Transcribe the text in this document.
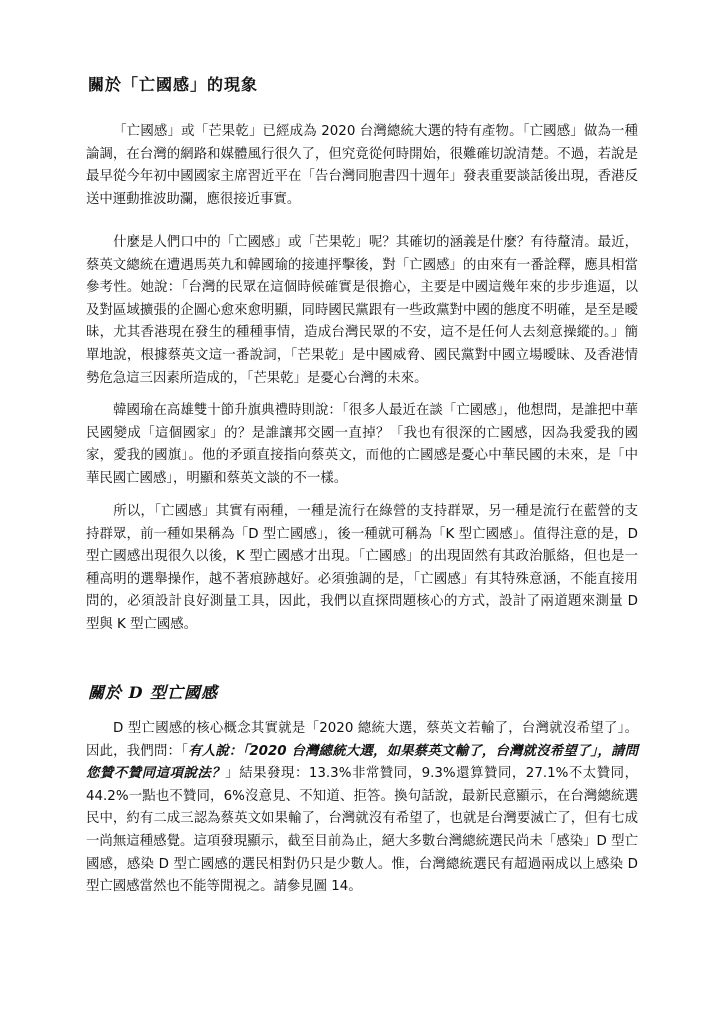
關於「亡國感」的現象

「亡國感」或「芒果乾」已經成為 2020 台灣總統大選的特有產物。「亡國感」做為一種論調，在台灣的網路和媒體風行很久了，但究竟從何時開始，很難確切說清楚。不過，若說是最早從今年初中國國家主席習近平在「告台灣同胞書四十週年」發表重要談話後出現，香港反送中運動推波助瀾，應很接近事實。

什麼是人們口中的「亡國感」或「芒果乾」呢？其確切的涵義是什麼？有待釐清。最近，蔡英文總統在遭遇馬英九和韓國瑜的接連抨擊後，對「亡國感」的由來有一番詮釋，應具相當參考性。她說：「台灣的民眾在這個時候確實是很擔心，主要是中國這幾年來的步步進逼，以及對區域擴張的企圖心愈來愈明顯，同時國民黨跟有一些政黨對中國的態度不明確，是至是曖昧，尤其香港現在發生的種種事情，造成台灣民眾的不安，這不是任何人去刻意操縱的。」簡單地說，根據蔡英文這一番說詞，「芒果乾」是中國威脅、國民黨對中國立場曖昧、及香港情勢危急這三因素所造成的，「芒果乾」是憂心台灣的未來。

韓國瑜在高雄雙十節升旗典禮時則說：「很多人最近在談「亡國感」，他想問，是誰把中華民國變成「這個國家」的？是誰讓邦交國一直掉？「我也有很深的亡國感，因為我愛我的國家，愛我的國旗」。他的矛頭直接指向蔡英文，而他的亡國感是憂心中華民國的未來，是「中華民國亡國感」，明顯和蔡英文談的不一樣。

所以，「亡國感」其實有兩種，一種是流行在綠營的支持群眾，另一種是流行在藍營的支持群眾，前一種如果稱為「D 型亡國感」，後一種就可稱為「K 型亡國感」。值得注意的是，D 型亡國感出現很久以後，K 型亡國感才出現。「亡國感」的出現固然有其政治脈絡，但也是一種高明的選舉操作，越不著痕跡越好。必須強調的是，「亡國感」有其特殊意涵，不能直接用問的，必須設計良好測量工具，因此，我們以直探問題核心的方式，設計了兩道題來測量 D 型與 K 型亡國感。

關於 D 型亡國感

D 型亡國感的核心概念其實就是「2020 總統大選，蔡英文若輸了，台灣就沒希望了」。因此，我們問：「有人說：「2020 台灣總統大選，如果蔡英文輸了，台灣就沒希望了」，請問您贊不贊同這項說法？」結果發現：13.3%非常贊同，9.3%還算贊同，27.1%不太贊同，44.2%一點也不贊同，6%沒意見、不知道、拒答。換句話說，最新民意顯示，在台灣總統選民中，約有二成三認為蔡英文如果輸了，台灣就沒有希望了，也就是台灣要滅亡了，但有七成一尚無這種感覺。這項發現顯示，截至目前為止，絕大多數台灣總統選民尚未「感染」D 型亡國感，感染 D 型亡國感的選民相對仍只是少數人。惟，台灣總統選民有超過兩成以上感染 D 型亡國感當然也不能等閒視之。請參見圖 14。
